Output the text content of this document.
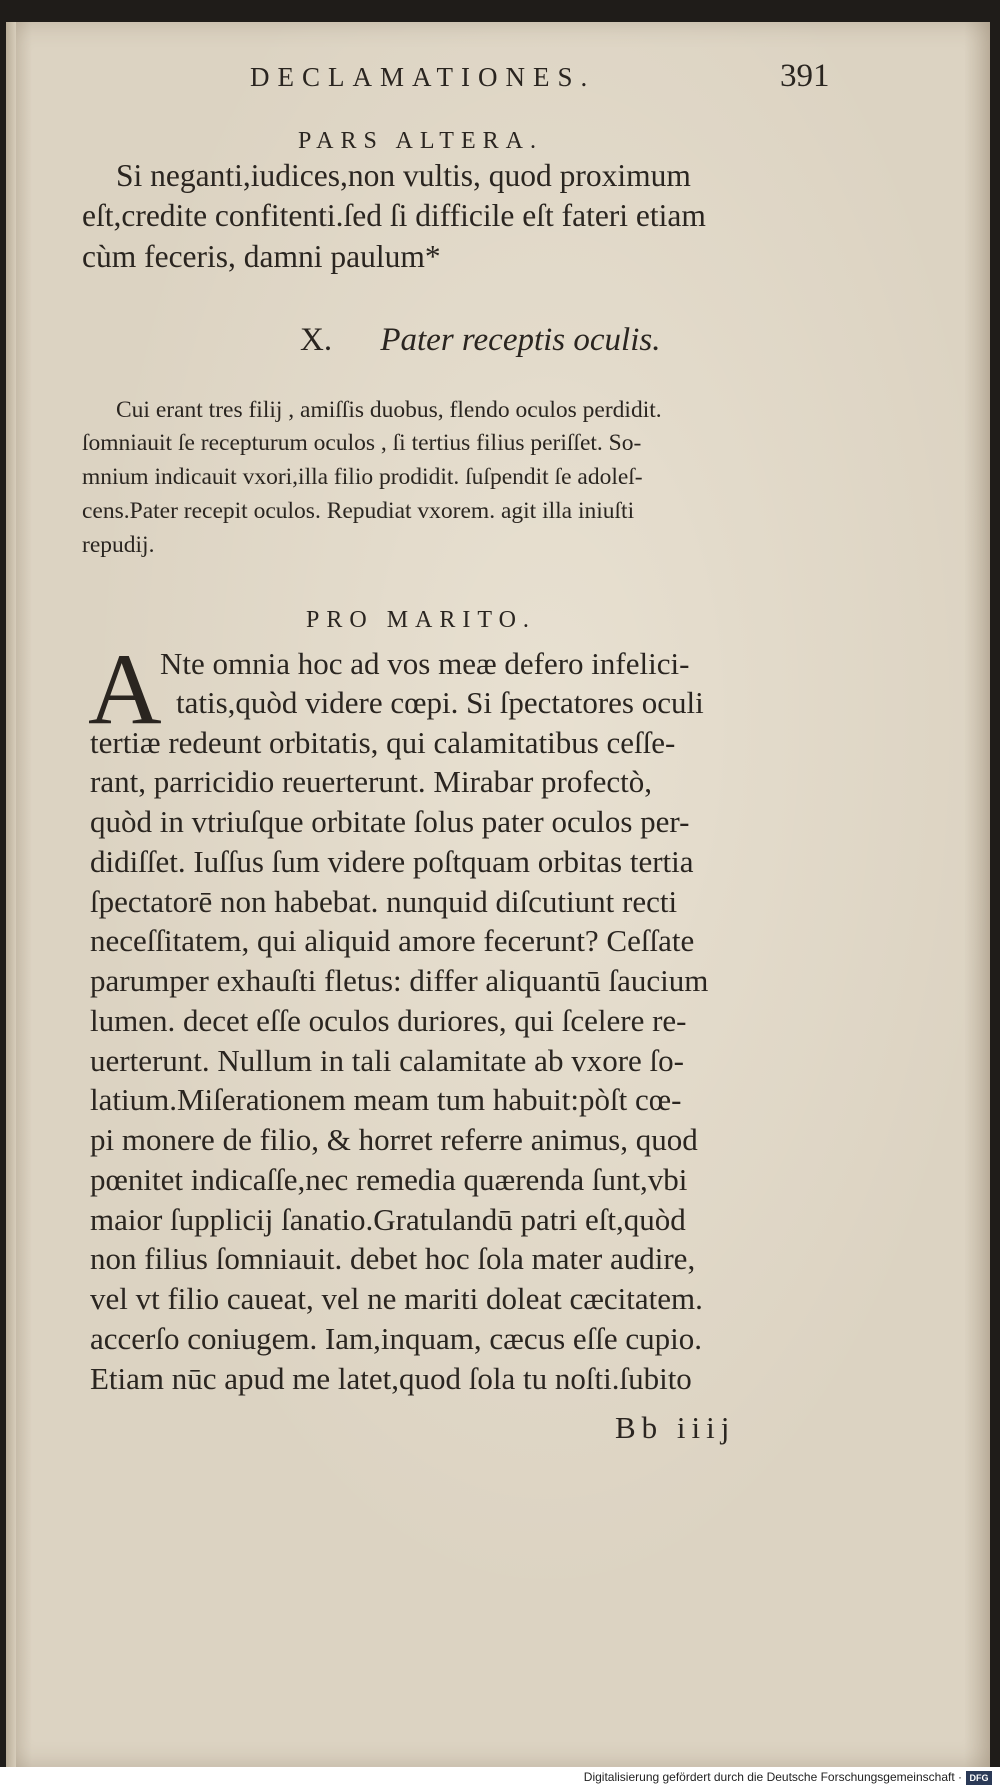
DECLAMATIONES.	391
PARS ALTERA.
Si neganti,iudices,non vultis, quod proximum
eſt,credite confitenti.ſed ſi difficile eſt fateri etiam
cùm feceris, damni paulum*
X. Pater receptis oculis.
Cui erant tres filij , amiſſis duobus, flendo oculos perdidit.
ſomniauit ſe recepturum oculos , ſi tertius filius periſſet. So-
mnium indicauit vxori,illa filio prodidit. ſuſpendit ſe adoleſ-
cens.Pater recepit oculos. Repudiat vxorem. agit illa iniuſti
repudij.
PRO MARITO.
A
Nte omnia hoc ad vos meæ defero infelici-
tatis,quòd videre cœpi. Si ſpectatores oculi
tertiæ redeunt orbitatis, qui calamitatibus ceſſe-
rant, parricidio reuerterunt. Mirabar profectò,
quòd in vtriuſque orbitate ſolus pater oculos per-
didiſſet. Iuſſus ſum videre poſtquam orbitas tertia
ſpectatorē non habebat. nunquid diſcutiunt recti
neceſſitatem, qui aliquid amore fecerunt? Ceſſate
parumper exhauſti fletus: differ aliquantū ſaucium
lumen. decet eſſe oculos duriores, qui ſcelere re-
uerterunt. Nullum in tali calamitate ab vxore ſo-
latium.Miſerationem meam tum habuit:pòſt cœ-
pi monere de filio, & horret referre animus, quod
pœnitet indicaſſe,nec remedia quærenda ſunt,vbi
maior ſupplicij ſanatio.Gratulandū patri eſt,quòd
non filius ſomniauit. debet hoc ſola mater audire,
vel vt filio caueat, vel ne mariti doleat cæcitatem.
accerſo coniugem. Iam,inquam, cæcus eſſe cupio.
Etiam nūc apud me latet,quod ſola tu noſti.ſubito
Bb iiij
Digitalisierung gefördert durch die Deutsche Forschungsgemeinschaft · DFG
